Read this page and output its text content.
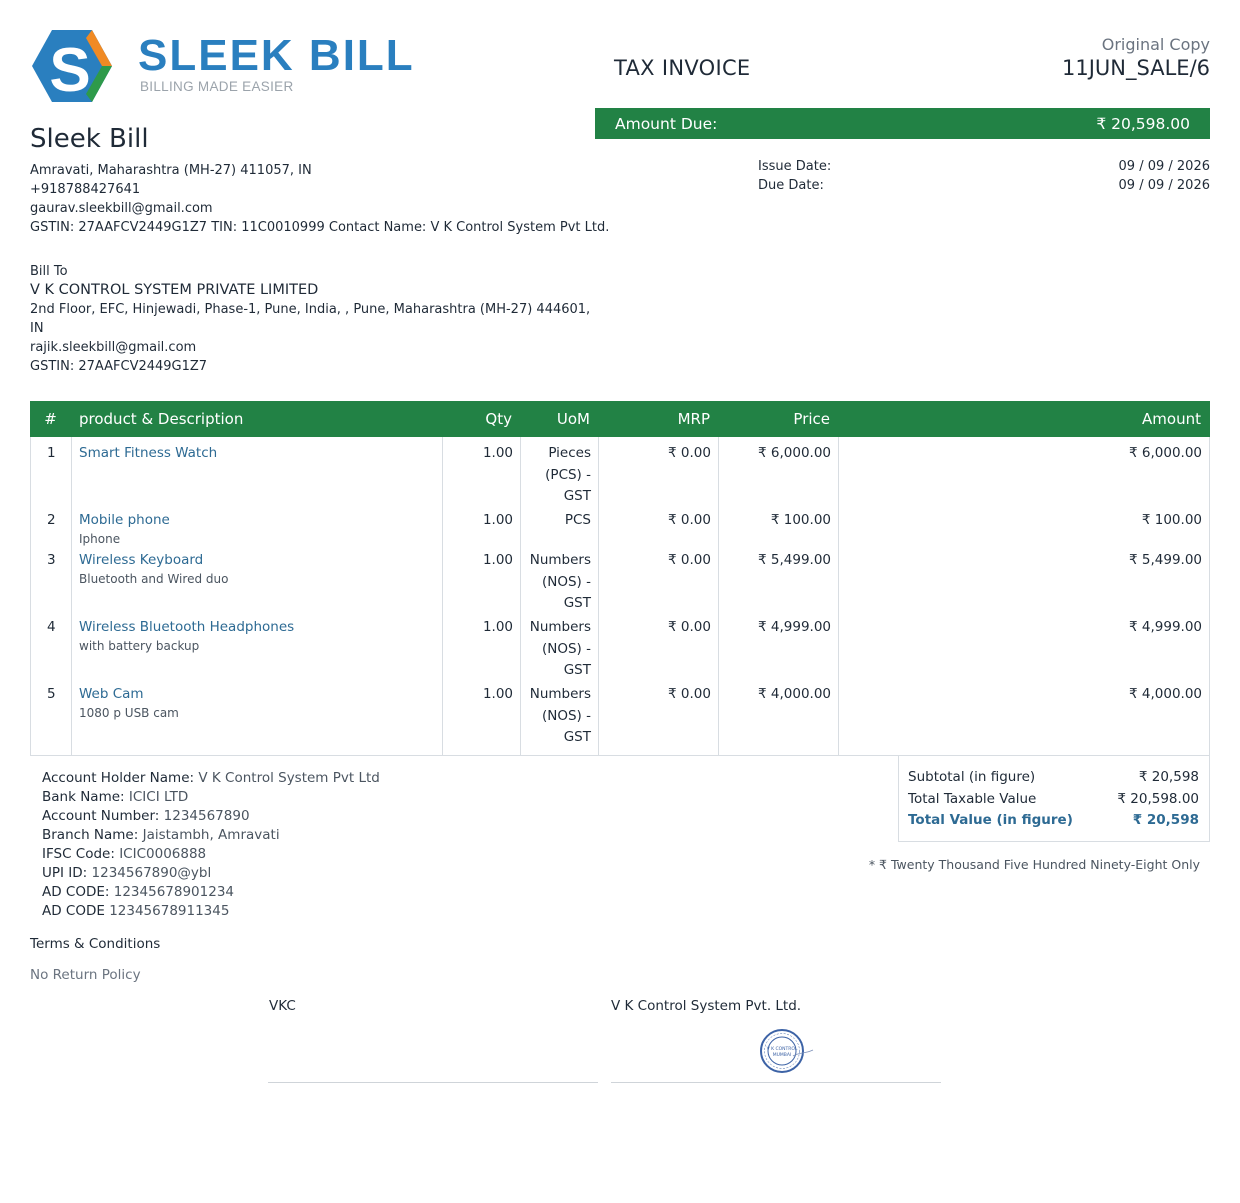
S SLEEK BILL
BILLING MADE EASIER
TAX INVOICE
Original Copy
11JUN_SALE/6
Amount Due:	₹ 20,598.00
Sleek Bill
Amravati, Maharashtra (MH-27) 411057, IN
+918788427641
gaurav.sleekbill@gmail.com
GSTIN: 27AAFCV2449G1Z7 TIN: 11C0010999 Contact Name: V K Control System Pvt Ltd.
Issue Date:	09 / 09 / 2026
Due Date:	09 / 09 / 2026
Bill To
V K CONTROL SYSTEM PRIVATE LIMITED
2nd Floor, EFC, Hinjewadi, Phase-1, Pune, India, , Pune, Maharashtra (MH-27) 444601,
IN
rajik.sleekbill@gmail.com
GSTIN: 27AAFCV2449G1Z7
#	product & Description	Qty	UoM	MRP	Price	Amount
1 Smart Fitness Watch	1.00	Pieces
(PCS) -
GST
₹ 0.00	₹ 6,000.00	₹ 6,000.00
2 Mobile phone
Iphone
1.00	PCS	₹ 0.00	₹ 100.00	₹ 100.00
3 Wireless Keyboard
Bluetooth and Wired duo
1.00	Numbers
(NOS) -
GST
₹ 0.00	₹ 5,499.00	₹ 5,499.00
4 Wireless Bluetooth Headphones
with battery backup
1.00	Numbers
(NOS) -
GST
₹ 0.00	₹ 4,999.00	₹ 4,999.00
5 Web Cam
1080 p USB cam
1.00	Numbers
(NOS) -
GST
₹ 0.00	₹ 4,000.00	₹ 4,000.00
Subtotal (in figure)	₹ 20,598
Total Taxable Value	₹ 20,598.00
Total Value (in figure)	₹ 20,598
* ₹ Twenty Thousand Five Hundred Ninety-Eight Only
Account Holder Name: V K Control System Pvt Ltd
Bank Name: ICICI LTD
Account Number: 1234567890
Branch Name: Jaistambh, Amravati
IFSC Code: ICIC0006888
UPI ID: 1234567890@ybl
AD CODE: 12345678901234
AD CODE 12345678911345
Terms & Conditions
No Return Policy
VKC	V K Control System Pvt. Ltd.
V K CONTROL
MUMBAI
